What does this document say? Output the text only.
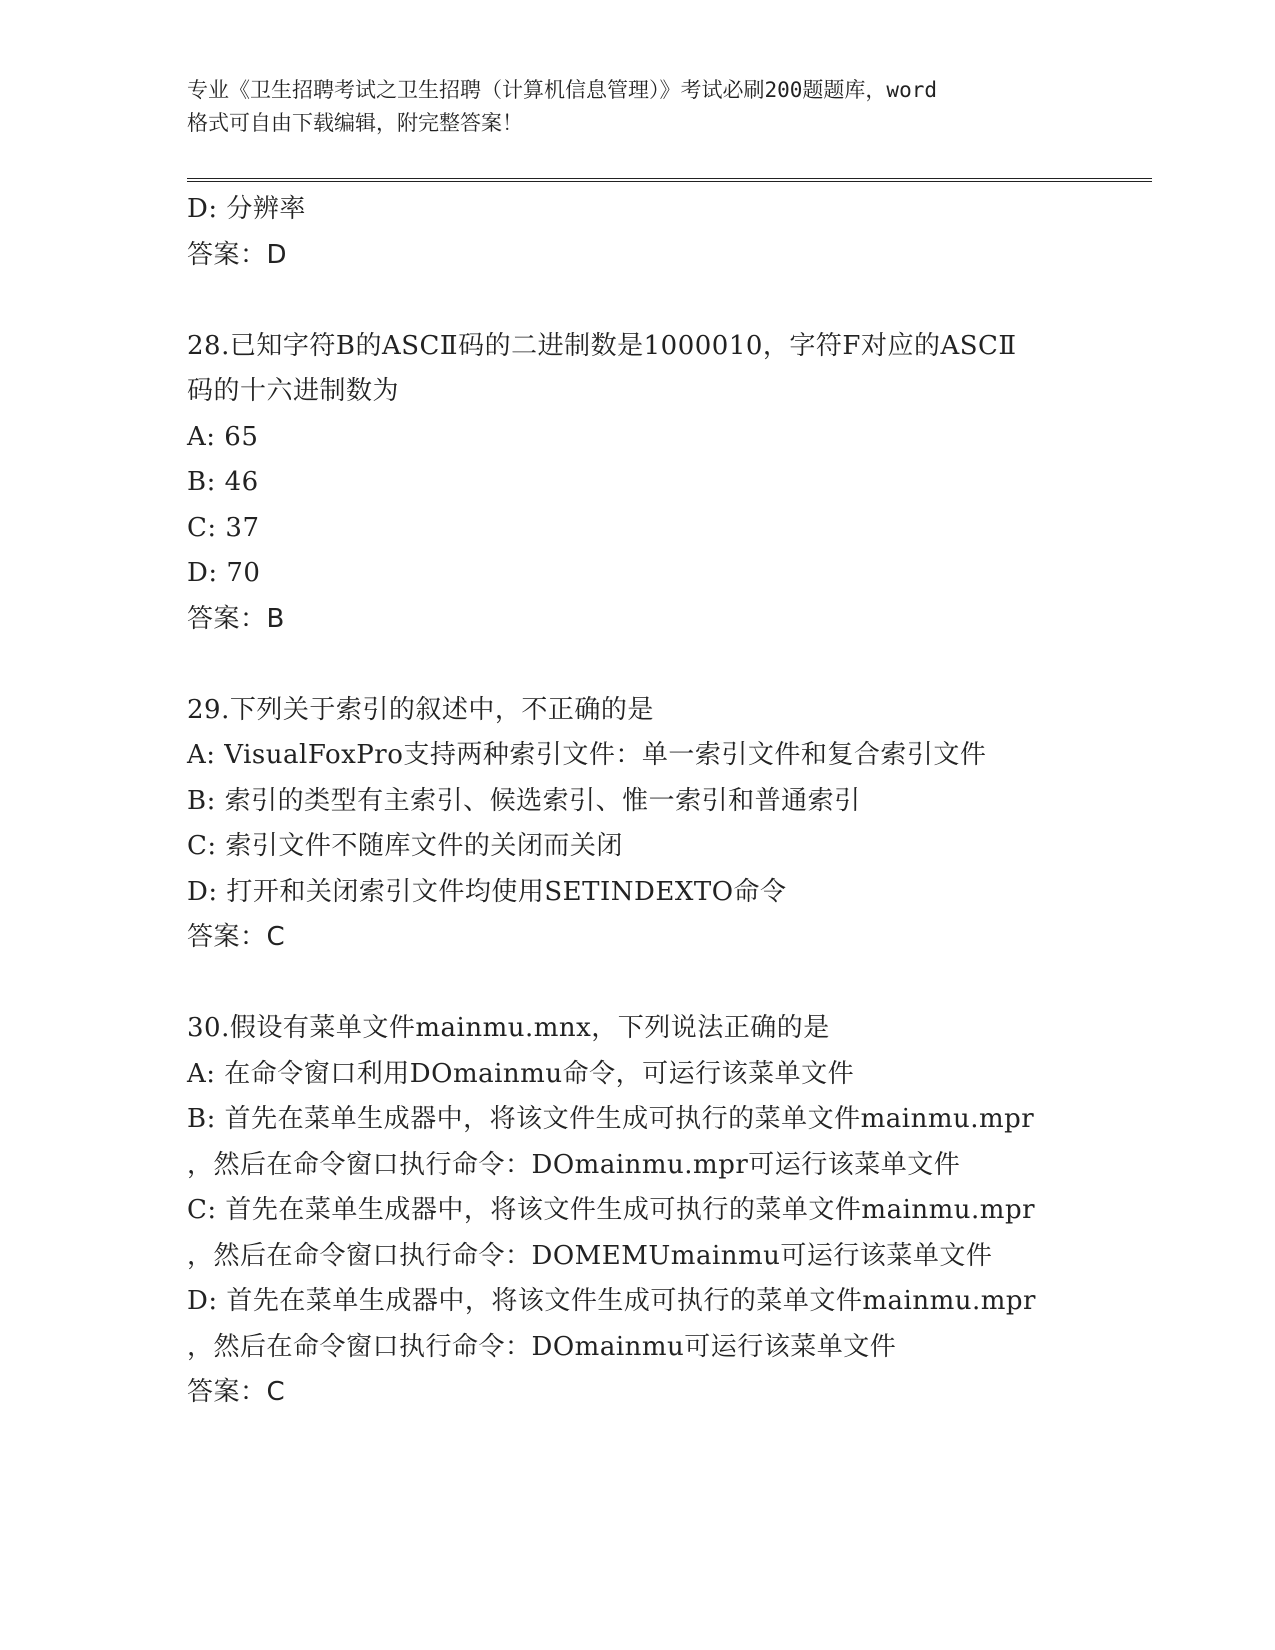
专业《卫生招聘考试之卫生招聘（计算机信息管理）》考试必刷200题题库，word
格式可自由下载编辑，附完整答案！
D: 分辨率
答案：D
28.已知字符B的ASCⅡ码的二进制数是1000010，字符F对应的ASCⅡ
码的十六进制数为
A: 65
B: 46
C: 37
D: 70
答案：B
29.下列关于索引的叙述中，不正确的是
A: VisualFoxPro支持两种索引文件：单一索引文件和复合索引文件
B: 索引的类型有主索引、候选索引、惟一索引和普通索引
C: 索引文件不随库文件的关闭而关闭
D: 打开和关闭索引文件均使用SETINDEXTO命令
答案：C
30.假设有菜单文件mainmu.mnx，下列说法正确的是
A: 在命令窗口利用DOmainmu命令，可运行该菜单文件
B: 首先在菜单生成器中，将该文件生成可执行的菜单文件mainmu.mpr
，然后在命令窗口执行命令：DOmainmu.mpr可运行该菜单文件
C: 首先在菜单生成器中，将该文件生成可执行的菜单文件mainmu.mpr
，然后在命令窗口执行命令：DOMEMUmainmu可运行该菜单文件
D: 首先在菜单生成器中，将该文件生成可执行的菜单文件mainmu.mpr
，然后在命令窗口执行命令：DOmainmu可运行该菜单文件
答案：C
